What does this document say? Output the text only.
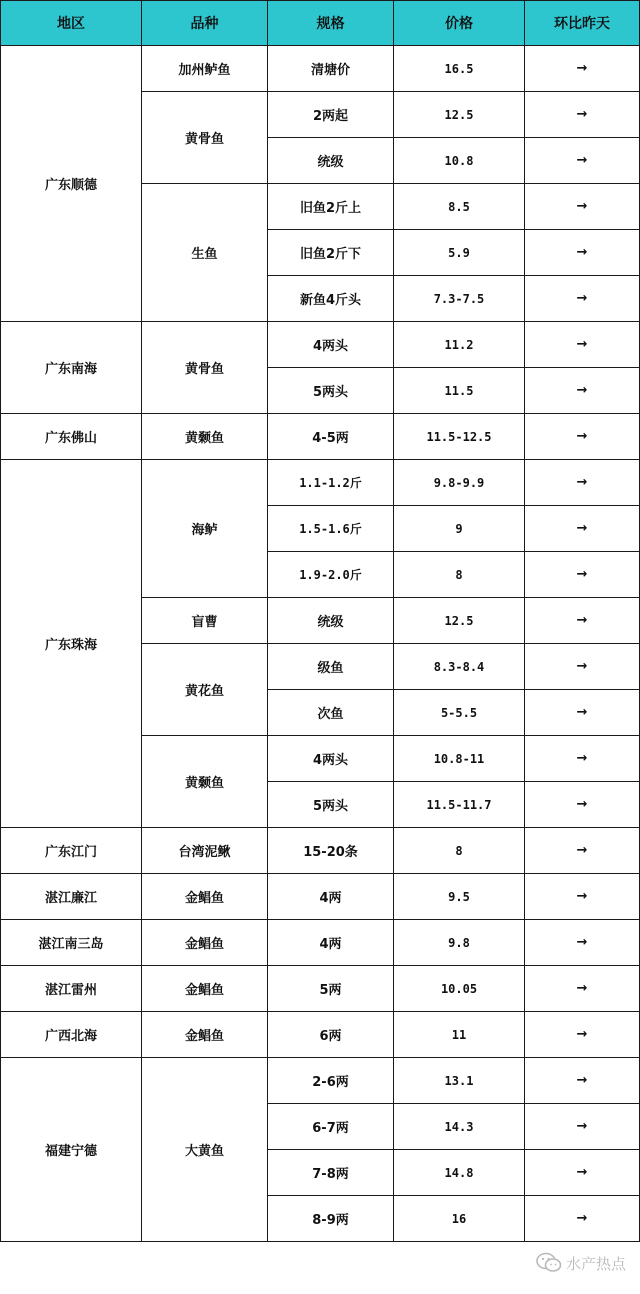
地区	品种	规格	价格	环比昨天
广东顺德	加州鲈鱼	清塘价	16.5	→
	黄骨鱼	2两起	12.5	→
		统级	10.8	→
	生鱼	旧鱼2斤上	8.5	→
		旧鱼2斤下	5.9	→
		新鱼4斤头	7.3-7.5	→
广东南海	黄骨鱼	4两头	11.2	→
		5两头	11.5	→
广东佛山	黄颡鱼	4-5两	11.5-12.5	→
广东珠海	海鲈	1.1-1.2斤	9.8-9.9	→
		1.5-1.6斤	9	→
		1.9-2.0斤	8	→
	盲曹	统级	12.5	→
	黄花鱼	级鱼	8.3-8.4	→
		次鱼	5-5.5	→
	黄颡鱼	4两头	10.8-11	→
		5两头	11.5-11.7	→
广东江门	台湾泥鳅	15-20条	8	→
湛江廉江	金鲳鱼	4两	9.5	→
湛江南三岛	金鲳鱼	4两	9.8	→
湛江雷州	金鲳鱼	5两	10.05	→
广西北海	金鲳鱼	6两	11	→
福建宁德	大黄鱼	2-6两	13.1	→
		6-7两	14.3	→
		7-8两	14.8	→
		8-9两	16	→
水产热点
